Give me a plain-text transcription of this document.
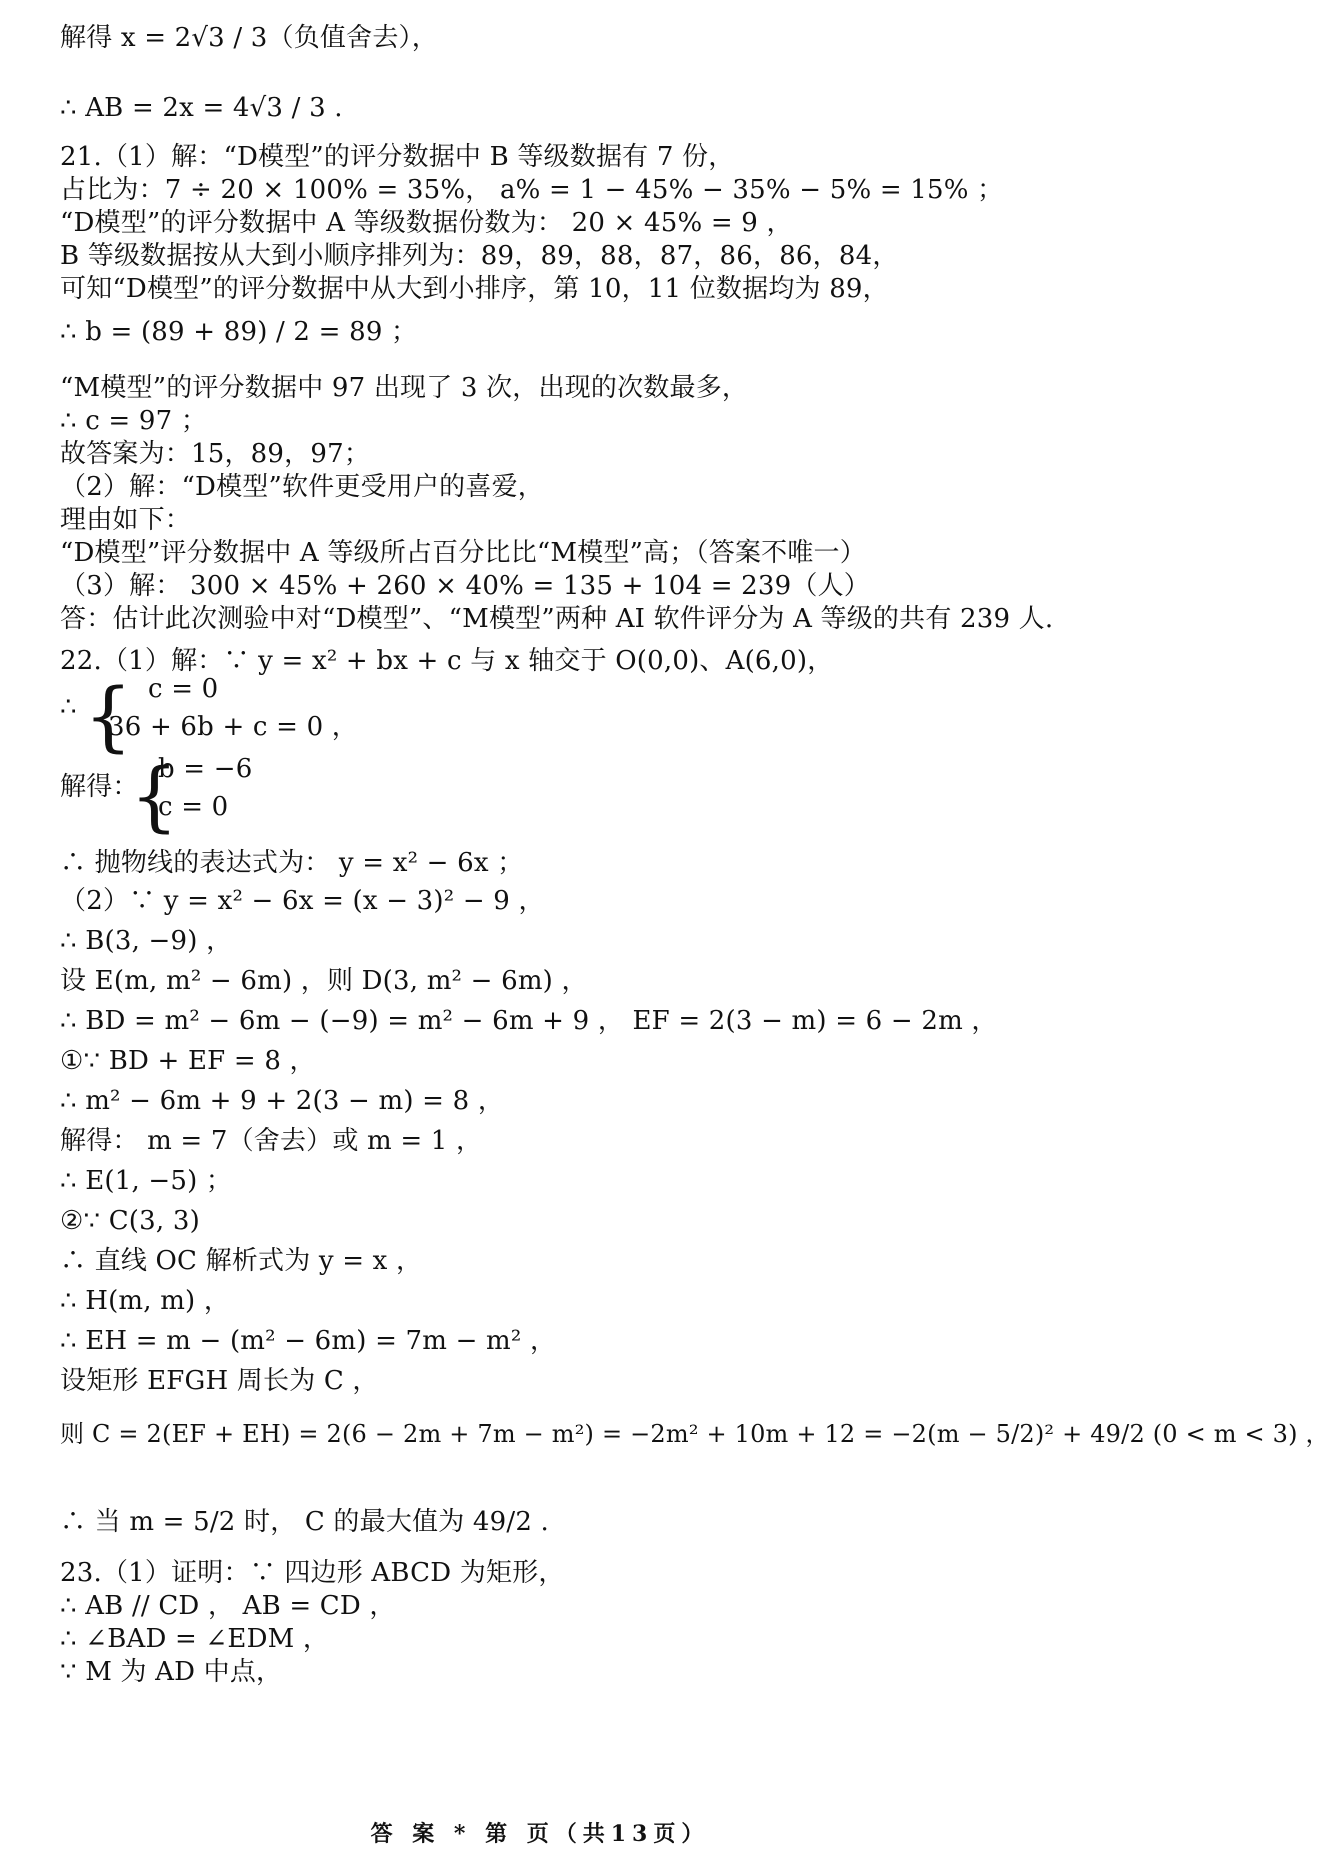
解得 x = 2√3 / 3（负值舍去），
∴ AB = 2x = 4√3 / 3 .
21.（1）解：“D模型”的评分数据中 B 等级数据有 7 份，
占比为：7 ÷ 20 × 100% = 35%， a% = 1 − 45% − 35% − 5% = 15% ；
“D模型”的评分数据中 A 等级数据份数为： 20 × 45% = 9 ，
B 等级数据按从大到小顺序排列为：89，89，88，87，86，86，84，
可知“D模型”的评分数据中从大到小排序，第 10，11 位数据均为 89，
∴ b = (89 + 89) / 2 = 89 ；
“M模型”的评分数据中 97 出现了 3 次，出现的次数最多，
∴ c = 97 ；
故答案为：15，89，97；
（2）解：“D模型”软件更受用户的喜爱，
理由如下：
“D模型”评分数据中 A 等级所占百分比比“M模型”高；（答案不唯一）
（3）解： 300 × 45% + 260 × 40% = 135 + 104 = 239（人）
答：估计此次测验中对“D模型”、“M模型”两种 AI 软件评分为 A 等级的共有 239 人.
22.（1）解：∵ y = x² + bx + c 与 x 轴交于 O(0,0)、A(6,0)，
∴ { c = 0
36 + 6b + c = 0 ，
解得：
{
b = −6
c = 0
∴ 抛物线的表达式为： y = x² − 6x ；
（2）∵ y = x² − 6x = (x − 3)² − 9 ，
∴ B(3, −9) ，
设 E(m, m² − 6m) ，则 D(3, m² − 6m) ，
∴ BD = m² − 6m − (−9) = m² − 6m + 9 ， EF = 2(3 − m) = 6 − 2m ，
①∵ BD + EF = 8 ，
∴ m² − 6m + 9 + 2(3 − m) = 8 ，
解得： m = 7（舍去）或 m = 1 ，
∴ E(1, −5) ；
②∵ C(3, 3)
∴ 直线 OC 解析式为 y = x ，
∴ H(m, m) ，
∴ EH = m − (m² − 6m) = 7m − m² ，
设矩形 EFGH 周长为 C ，
则 C = 2(EF + EH) = 2(6 − 2m + 7m − m²) = −2m² + 10m + 12 = −2(m − 5/2)² + 49/2 (0 < m < 3) ，
∴ 当 m = 5/2 时， C 的最大值为 49/2 .
23.（1）证明：∵ 四边形 ABCD 为矩形，
∴ AB // CD ， AB = CD ，
∴ ∠BAD = ∠EDM ，
∵ M 为 AD 中点，
答 案 * 第 页（共13页）
